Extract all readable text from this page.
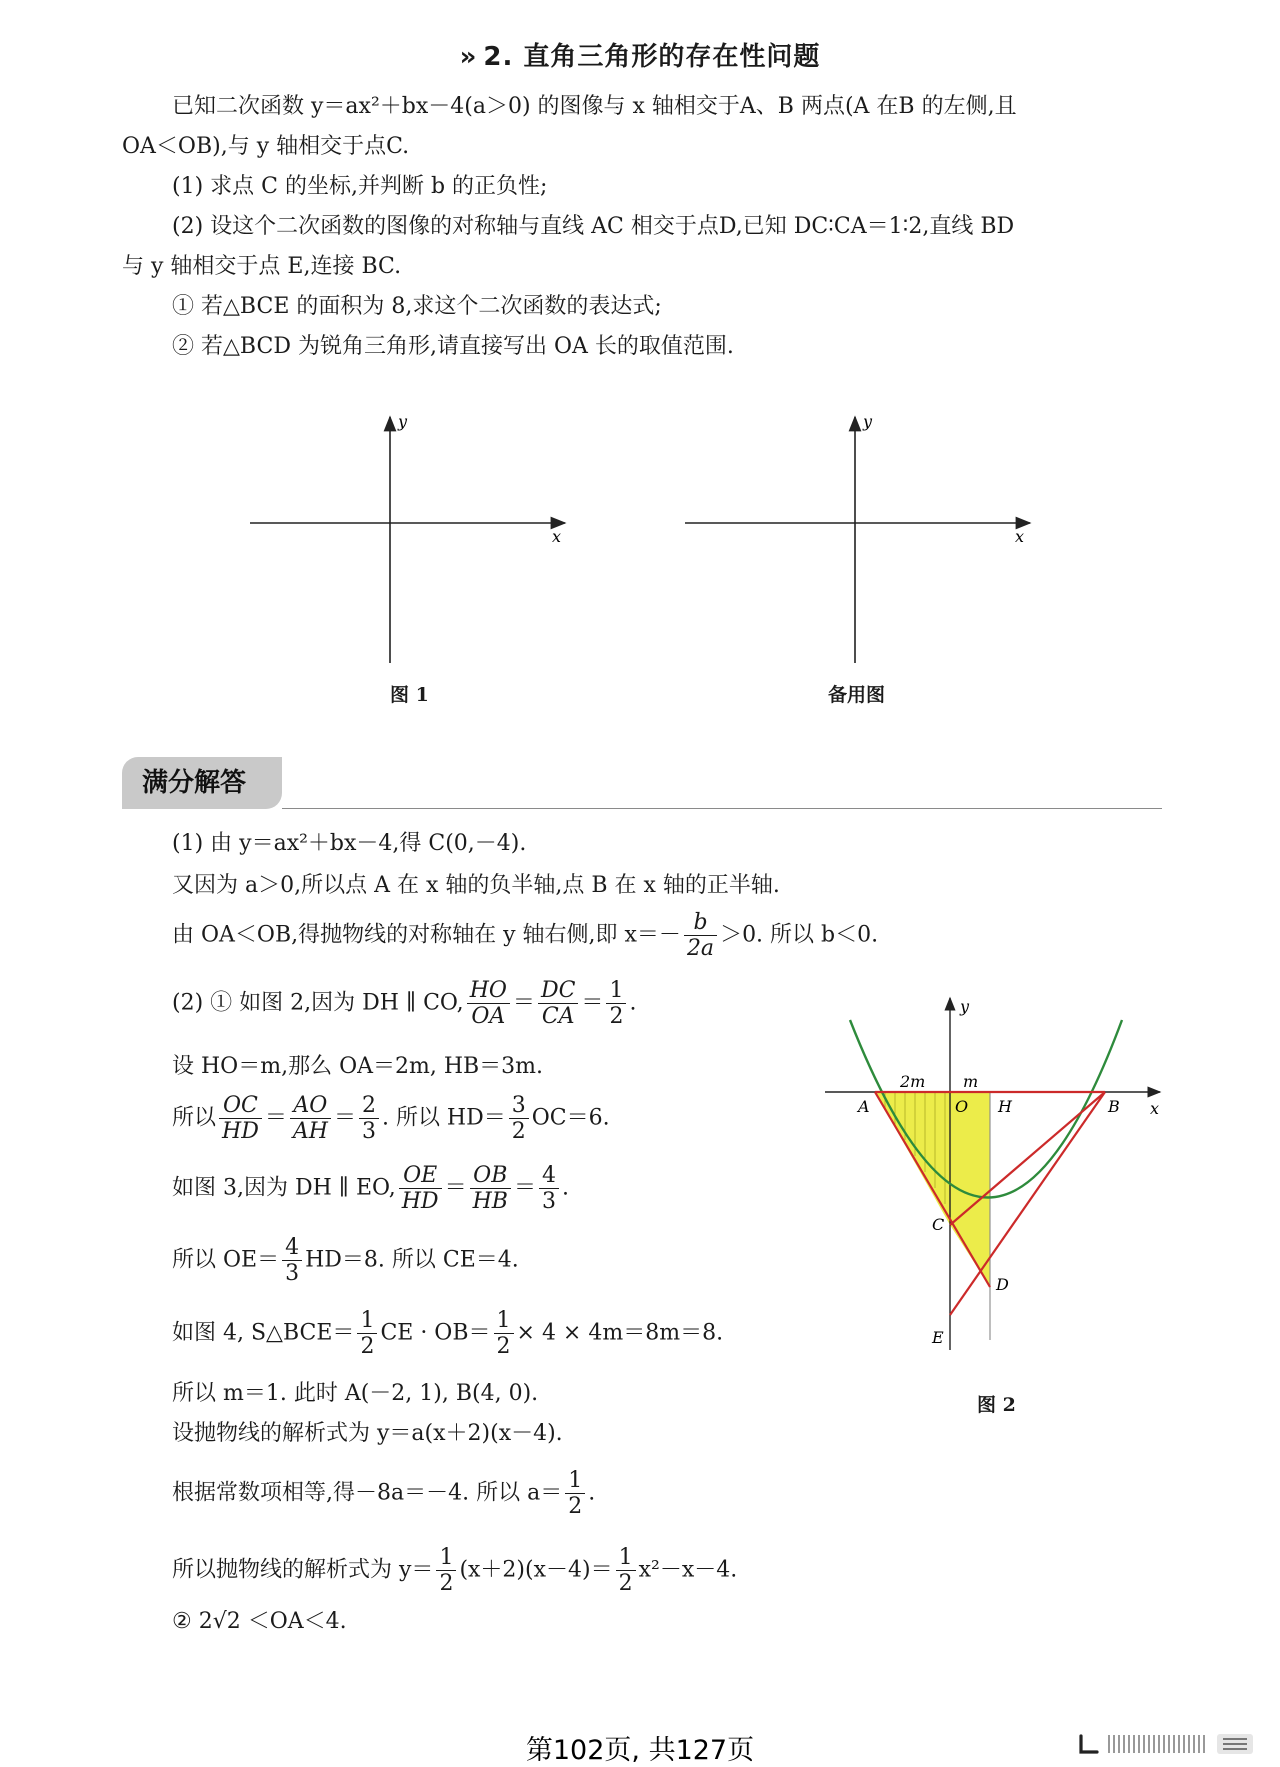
» 2. 直角三角形的存在性问题
已知二次函数 y＝ax²＋bx－4(a＞0) 的图像与 x 轴相交于A、B 两点(A 在B 的左侧,且
OA＜OB),与 y 轴相交于点C.
(1) 求点 C 的坐标,并判断 b 的正负性;
(2) 设这个二次函数的图像的对称轴与直线 AC 相交于点D,已知 DC∶CA＝1∶2,直线 BD
与 y 轴相交于点 E,连接 BC.
① 若△BCE 的面积为 8,求这个二次函数的表达式;
② 若△BCD 为锐角三角形,请直接写出 OA 长的取值范围.
x
y
图 1
x
y
备用图
满分解答
(1) 由 y＝ax²＋bx－4,得 C(0,－4).
又因为 a＞0,所以点 A 在 x 轴的负半轴,点 B 在 x 轴的正半轴.
由 OA＜OB,得抛物线的对称轴在 y 轴右侧,即 $x=- \frac{b}{2a} >0$. 所以 b＜0.
(2) ① 如图 2,因为 DH ∥ CO, $\frac{HO}{OA} = \frac{DC}{CA} = \frac{1}{2}$ .
设 HO＝m,那么 OA＝2m, HB＝3m.
所以 $\frac{OC}{HD} = \frac{AO}{AH} = \frac{2}{3}$ . 所以 $HD= \frac{3}{2} OC=6$.
如图 3,因为 DH ∥ EO, $\frac{OE}{HD} = \frac{OB}{HB} = \frac{4}{3}$ .
所以 $OE= \frac{4}{3} HD=8$. 所以 CE＝4.
如图 4, S△BCE＝ $\frac{1}{2}$ CE · $OB= \frac{1}{2} \times 4 \times 4m=8m=8$.
所以 m＝1. 此时 A(－2, 1), B(4, 0).
设抛物线的解析式为 y＝a(x＋2)(x－4).
根据常数项相等,得－8a＝－4. 所以 $a= \frac{1}{2}$ .
所以抛物线的解析式为 $y= \frac{1}{2} (x+2)(x-4)= \frac{1}{2} x^2-x-4$.
② 2√2 ＜OA＜4.
y
x
2m m
A	O H	B
C
D
E
图 2
第102页, 共127页
